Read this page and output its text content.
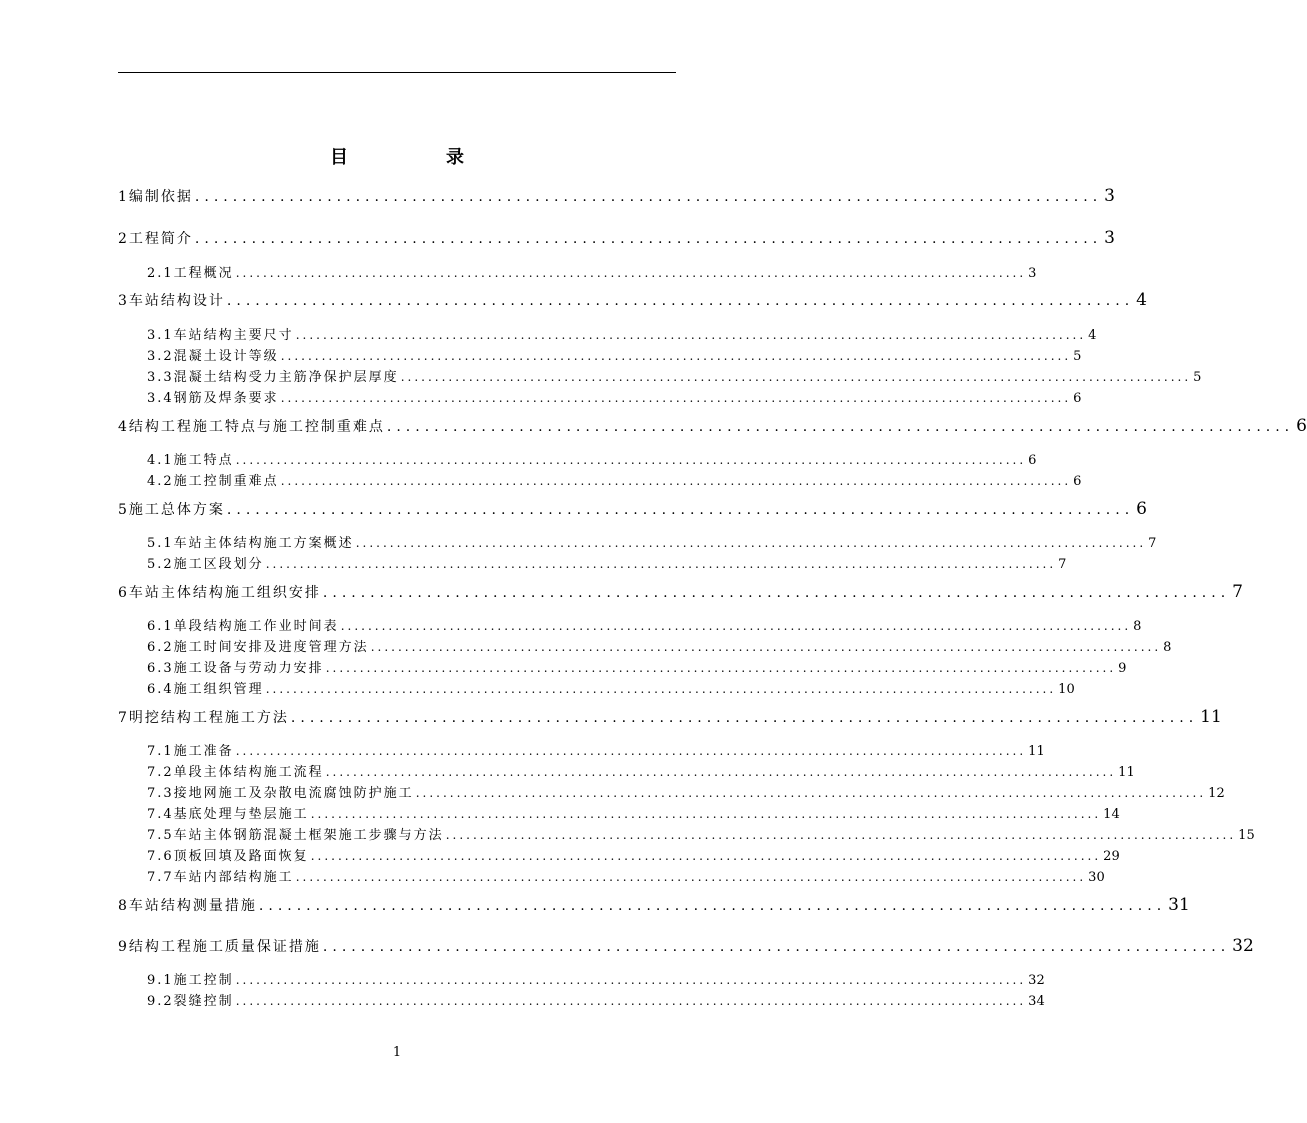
目　录
1编制依据 ................................................................................................ 3
2工程简介 ................................................................................................ 3
2.1工程概况 .................................................................................................................... 3
3车站结构设计 ................................................................................................ 4
3.1车站结构主要尺寸 .................................................................................................................... 4
3.2混凝土设计等级 .................................................................................................................... 5
3.3混凝土结构受力主筋净保护层厚度 .................................................................................................................... 5
3.4钢筋及焊条要求 .................................................................................................................... 6
4结构工程施工特点与施工控制重难点 ................................................................................................ 6
4.1施工特点 .................................................................................................................... 6
4.2施工控制重难点 .................................................................................................................... 6
5施工总体方案 ................................................................................................ 6
5.1车站主体结构施工方案概述 .................................................................................................................... 7
5.2施工区段划分 .................................................................................................................... 7
6车站主体结构施工组织安排 ................................................................................................ 7
6.1单段结构施工作业时间表 .................................................................................................................... 8
6.2施工时间安排及进度管理方法 .................................................................................................................... 8
6.3施工设备与劳动力安排 .................................................................................................................... 9
6.4施工组织管理 .................................................................................................................... 10
7明挖结构工程施工方法 ................................................................................................ 11
7.1施工准备 .................................................................................................................... 11
7.2单段主体结构施工流程 .................................................................................................................... 11
7.3接地网施工及杂散电流腐蚀防护施工 .................................................................................................................... 12
7.4基底处理与垫层施工 .................................................................................................................... 14
7.5车站主体钢筋混凝土框架施工步骤与方法 .................................................................................................................... 15
7.6顶板回填及路面恢复 .................................................................................................................... 29
7.7车站内部结构施工 .................................................................................................................... 30
8车站结构测量措施 ................................................................................................ 31
9结构工程施工质量保证措施 ................................................................................................ 32
9.1施工控制 .................................................................................................................... 32
9.2裂缝控制 .................................................................................................................... 34
1
